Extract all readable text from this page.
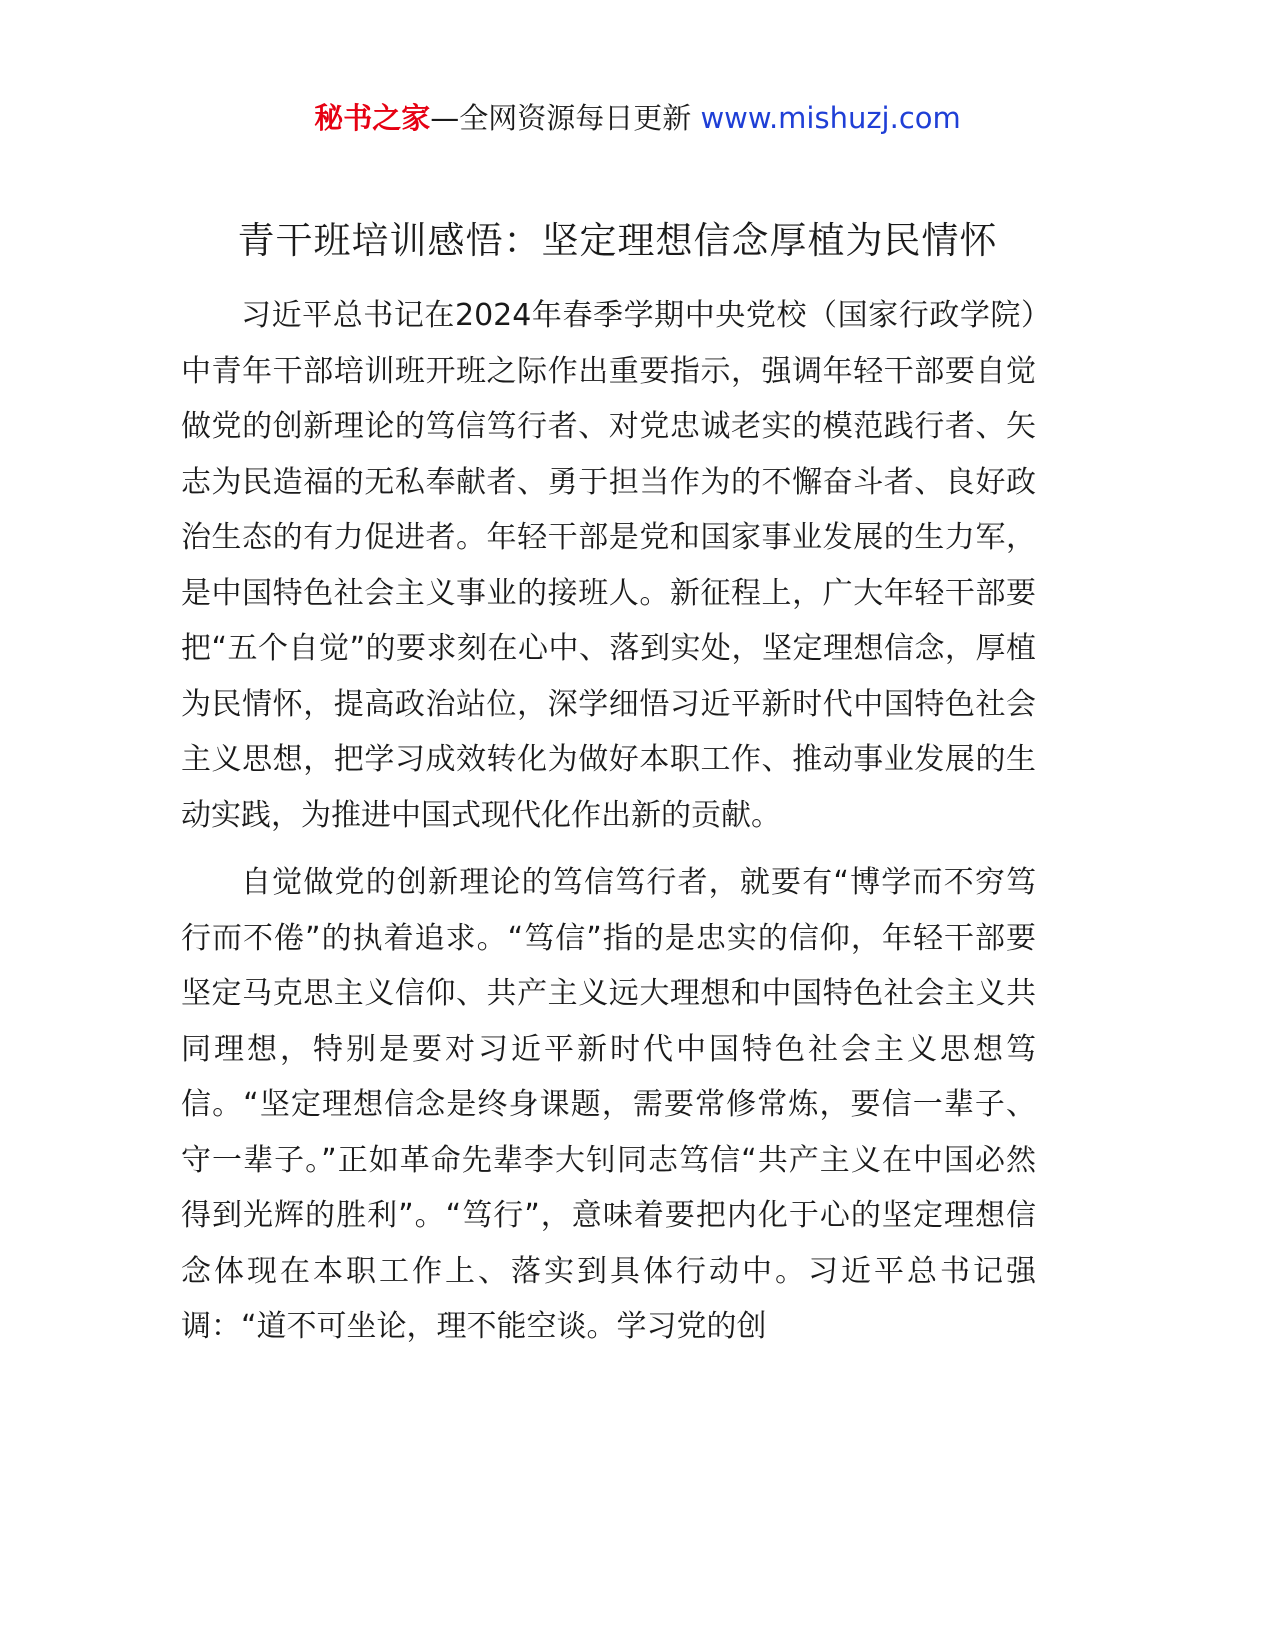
秘书之家—全网资源每日更新 www.mishuzj.com
青干班培训感悟：坚定理想信念厚植为民情怀

习近平总书记在2024年春季学期中央党校（国家行政学院）中青年干部培训班开班之际作出重要指示，强调年轻干部要自觉做党的创新理论的笃信笃行者、对党忠诚老实的模范践行者、矢志为民造福的无私奉献者、勇于担当作为的不懈奋斗者、良好政治生态的有力促进者。年轻干部是党和国家事业发展的生力军，是中国特色社会主义事业的接班人。新征程上，广大年轻干部要把“五个自觉”的要求刻在心中、落到实处，坚定理想信念，厚植为民情怀，提高政治站位，深学细悟习近平新时代中国特色社会主义思想，把学习成效转化为做好本职工作、推动事业发展的生动实践，为推进中国式现代化作出新的贡献。

自觉做党的创新理论的笃信笃行者，就要有“博学而不穷笃行而不倦”的执着追求。“笃信”指的是忠实的信仰，年轻干部要坚定马克思主义信仰、共产主义远大理想和中国特色社会主义共同理想，特别是要对习近平新时代中国特色社会主义思想笃信。“坚定理想信念是终身课题，需要常修常炼，要信一辈子、守一辈子。”正如革命先辈李大钊同志笃信“共产主义在中国必然得到光辉的胜利”。“笃行”，意味着要把内化于心的坚定理想信念体现在本职工作上、落实到具体行动中。习近平总书记强调：“道不可坐论，理不能空谈。学习党的创
